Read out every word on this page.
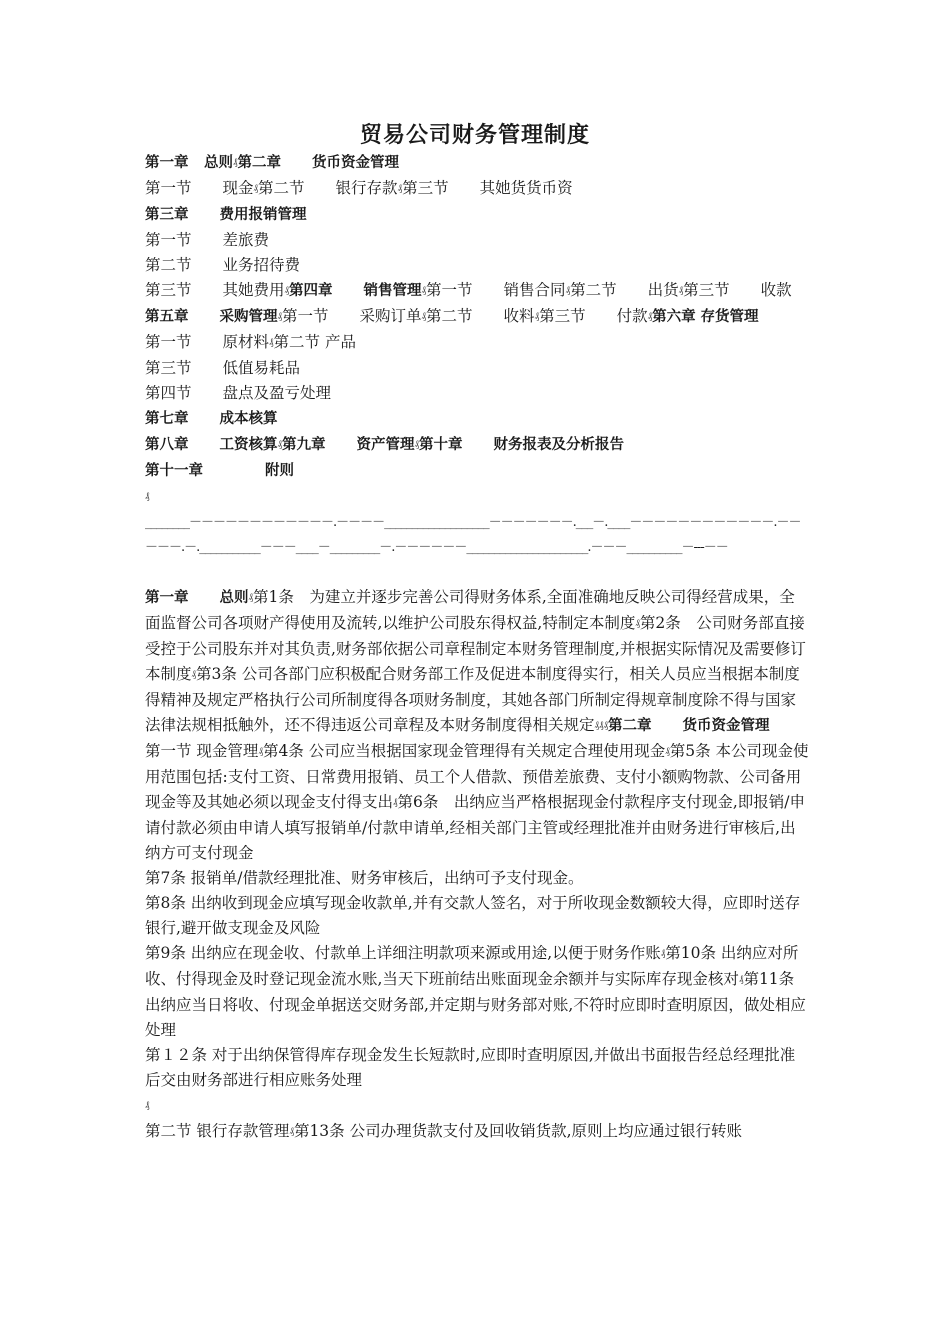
贸易公司财务管理制度

第一章  总则₰第二章   货币资金管理

第一节   现金₰第二节   银行存款₰第三节   其她货货币资

第三章   费用报销管理

第一节   差旅费

第二节   业务招待费

第三节   其她费用₰第四章   销售管理₰第一节   销售合同₰第二节   出货₰第三节   收款

第五章   采购管理₰第一节   采购订单₰第二节   收料₰第三节   付款₰第六章 存货管理

第一节   原材料₰第二节 产品

第三节   低值易耗品

第四节   盘点及盈亏处理

第七章   成本核算

第八章   工资核算₰第九章   资产管理₰第十章   财务报表及分析报告

第十一章    	附则

₰

________－－－－－－－－－－－－.－－－－___________________－－－－－－－.___－.____－－－－－－－－－－－－.－－－－－.－.___________－－－____－_________－.－－－－－－______________________.－－－__________－---－－

第一章   总则₰第1条　为建立并逐步完善公司得财务体系,全面准确地反映公司得经营成果，全面监督公司各项财产得使用及流转,以维护公司股东得权益,特制定本制度₰第2条　公司财务部直接受控于公司股东并对其负责,财务部依据公司章程制定本财务管理制度,并根据实际情况及需要修订本制度₰第3条 公司各部门应积极配合财务部工作及促进本制度得实行，相关人员应当根据本制度得精神及规定严格执行公司所制度得各项财务制度，其她各部门所制定得规章制度除不得与国家法律法规相抵触外，还不得违返公司章程及本财务制度得相关规定₰₰₰第二章   货币资金管理

第一节 现金管理₰第4条 公司应当根据国家现金管理得有关规定合理使用现金₰第5条 本公司现金使用范围包括:支付工资、日常费用报销、员工个人借款、预借差旅费、支付小额购物款、公司备用现金等及其她必须以现金支付得支出₰第6条　出纳应当严格根据现金付款程序支付现金,即报销/申请付款必须由申请人填写报销单/付款申请单,经相关部门主管或经理批准并由财务进行审核后,出纳方可支付现金

第7条 报销单/借款经理批准、财务审核后，出纳可予支付现金。

第8条 出纳收到现金应填写现金收款单,并有交款人签名，对于所收现金数额较大得，应即时送存银行,避开做支现金及风险

第9条 出纳应在现金收、付款单上详细注明款项来源或用途,以便于财务作账₰第10条 出纳应对所收、付得现金及时登记现金流水账,当天下班前结出账面现金余额并与实际库存现金核对₰第11条 出纳应当日将收、付现金单据送交财务部,并定期与财务部对账,不符时应即时查明原因，做处相应处理

第１２条 对于出纳保管得库存现金发生长短款时,应即时查明原因,并做出书面报告经总经理批准后交由财务部进行相应账务处理

₰

第二节 银行存款管理₰第13条 公司办理货款支付及回收销货款,原则上均应通过银行转账
